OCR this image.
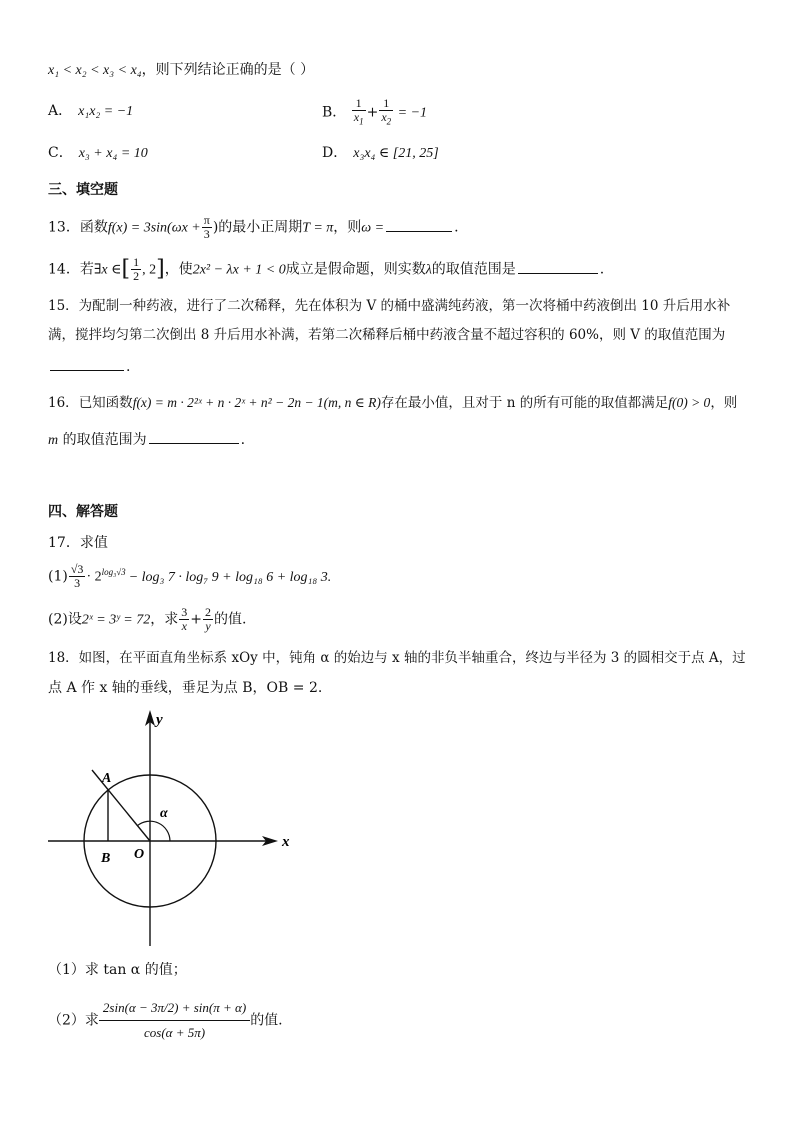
x₁ < x₂ < x₃ < x₄，则下列结论正确的是（ ）
A． x₁x₂ = −1	B． $\frac{1}{x_1} + \frac{1}{x_2} = -1$
C． x₃ + x₄ = 10	D． x₃x₄ ∈ [21, 25]
三、填空题
13．函数$f(x) = 3\sin(\omega x + \frac{\pi}{3}$ )的最小正周期T = π，则ω =	.
14．若∃x ∈[ $\frac{1}{2}$ , 2]，使2x² − λx + 1 < 0成立是假命题，则实数λ的取值范围是	.
15．为配制一种药液，进行了二次稀释，先在体积为 V 的桶中盛满纯药液，第一次将桶中药液倒出 10 升后用水补
满，搅拌均匀第二次倒出 8 升后用水补满，若第二次稀释后桶中药液含量不超过容积的 60%，则 V 的取值范围为
.
16．已知函数f(x) = m · 2²ˣ + n · 2ˣ + n² − 2n − 1(m, n ∈ R)存在最小值，且对于 n 的所有可能的取值都满足f(0) > 0，则
m 的取值范围为	.
四、解答题
17．求值
$(1) \frac{√3}{3} \cdot 2^{log_3√3} - \log_3$ 7 · log₇ 9 + log₁₈ 6 + log₁₈ 3.
(2)设2ˣ = 3ʸ = 72，求 $\frac{3}{x} + \frac{2}{y}$ 的值.
18．如图，在平面直角坐标系 xOy 中，钝角 α 的始边与 x 轴的非负半轴重合，终边与半径为 3 的圆相交于点 A，过
点 A 作 x 轴的垂线，垂足为点 B，OB = 2.
y
x
A
B O
α
（1）求 tan α 的值；
（2）求 $\frac{2\sin(\alpha - 3\pi/2) + \sin(\pi + \alpha)}{\cos(\alpha + 5\pi)}$ 的值.
